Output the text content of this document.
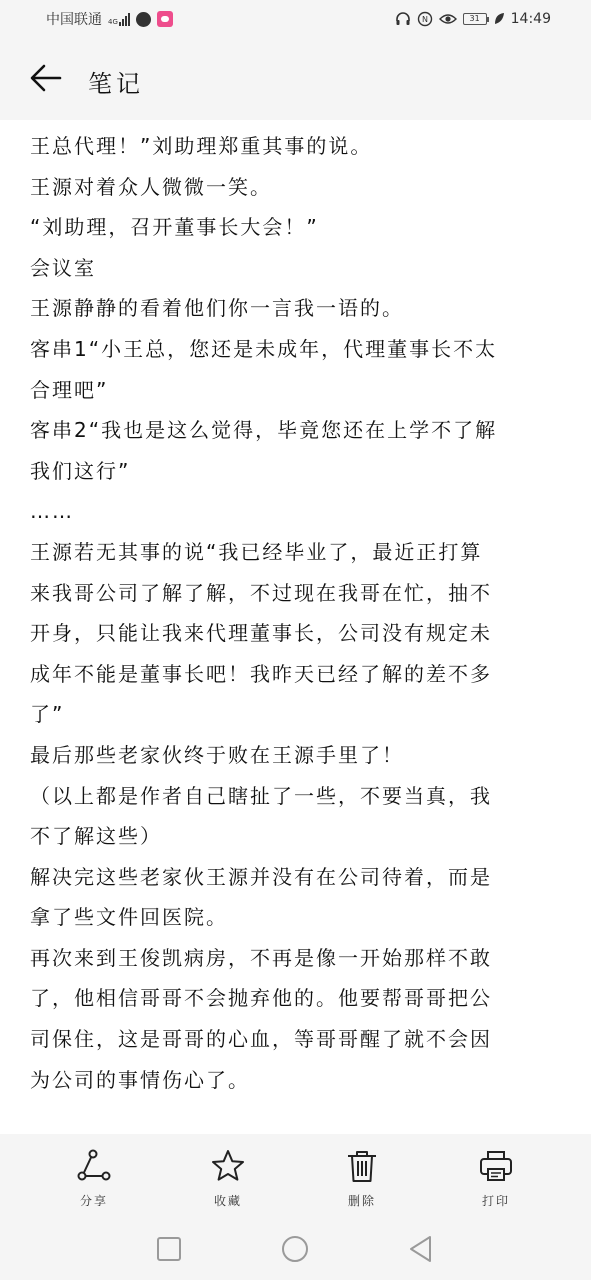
中国联通 4G	N	31	14:49
笔记
王总代理！”刘助理郑重其事的说。
王源对着众人微微一笑。
“刘助理，召开董事长大会！”
会议室
王源静静的看着他们你一言我一语的。
客串1“小王总，您还是未成年，代理董事长不太
合理吧”
客串2“我也是这么觉得，毕竟您还在上学不了解
我们这行”
……
王源若无其事的说“我已经毕业了，最近正打算
来我哥公司了解了解，不过现在我哥在忙，抽不
开身，只能让我来代理董事长，公司没有规定未
成年不能是董事长吧！我昨天已经了解的差不多
了”
最后那些老家伙终于败在王源手里了！
（以上都是作者自己瞎扯了一些，不要当真，我
不了解这些）
解决完这些老家伙王源并没有在公司待着，而是
拿了些文件回医院。
再次来到王俊凯病房，不再是像一开始那样不敢
了，他相信哥哥不会抛弃他的。他要帮哥哥把公
司保住，这是哥哥的心血，等哥哥醒了就不会因
为公司的事情伤心了。
分享	收藏	删除	打印
